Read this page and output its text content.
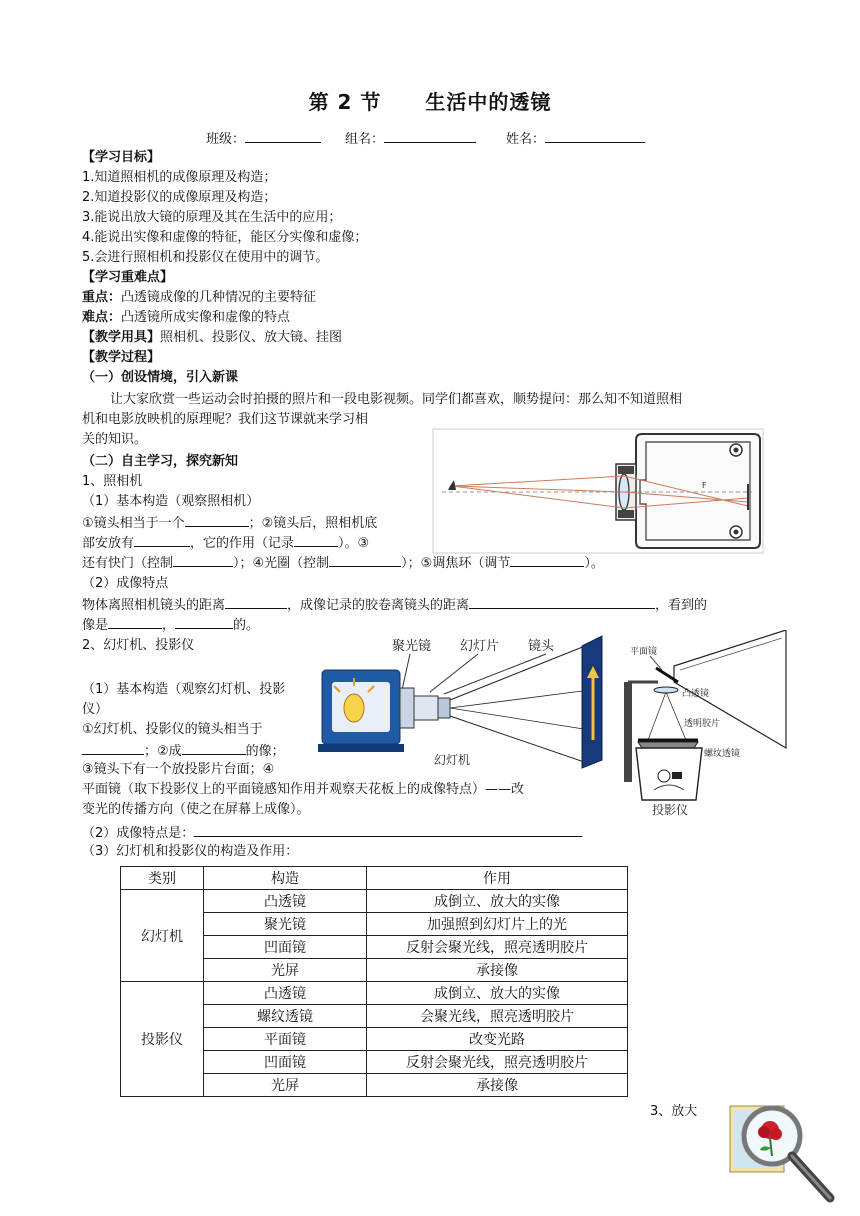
第 2 节 生活中的透镜
班级：	组名：	姓名：
【学习目标】
1.知道照相机的成像原理及构造；
2.知道投影仪的成像原理及构造；
3.能说出放大镜的原理及其在生活中的应用；
4.能说出实像和虚像的特征，能区分实像和虚像；
5.会进行照相机和投影仪在使用中的调节。
【学习重难点】
重点：凸透镜成像的几种情况的主要特征
难点：凸透镜所成实像和虚像的特点
【教学用具】照相机、投影仪、放大镜、挂图
【教学过程】
（一）创设情境，引入新课
让大家欣赏一些运动会时拍摄的照片和一段电影视频。同学们都喜欢，顺势提问：那么知不知道照相
机和电影放映机的原理呢？我们这节课就来学习相
关的知识。
（二）自主学习，探究新知
1、照相机
（1）基本构造（观察照相机）
①镜头相当于一个	；②镜头后，照相机底
部安放有	，它的作用（记录	）。③
还有快门（控制	）；④光圈（控制	）；⑤调焦环（调节	）。
（2）成像特点
物体离照相机镜头的距离	，成像记录的胶卷离镜头的距离	，看到的
像是	，	的。
F
2、幻灯机、投影仪
（1）基本构造（观察幻灯机、投影
仪）
①幻灯机、投影仪的镜头相当于
；②成	的像；
③镜头下有一个放投影片台面；④
平面镜（取下投影仪上的平面镜感知作用并观察天花板上的成像特点）——改
变光的传播方向（使之在屏幕上成像）。
（2）成像特点是：
（3）幻灯机和投影仪的构造及作用：
聚光镜 幻灯片 镜头
幻灯机
平面镜
凸透镜
透明胶片
螺纹透镜
投影仪
类别	构造	作用
幻灯机	凸透镜	成倒立、放大的实像
	聚光镜	加强照到幻灯片上的光
	凹面镜	反射会聚光线，照亮透明胶片
	光屏	承接像
投影仪	凸透镜	成倒立、放大的实像
	螺纹透镜	会聚光线，照亮透明胶片
	平面镜	改变光路
	凹面镜	反射会聚光线，照亮透明胶片
	光屏	承接像
3、放大
